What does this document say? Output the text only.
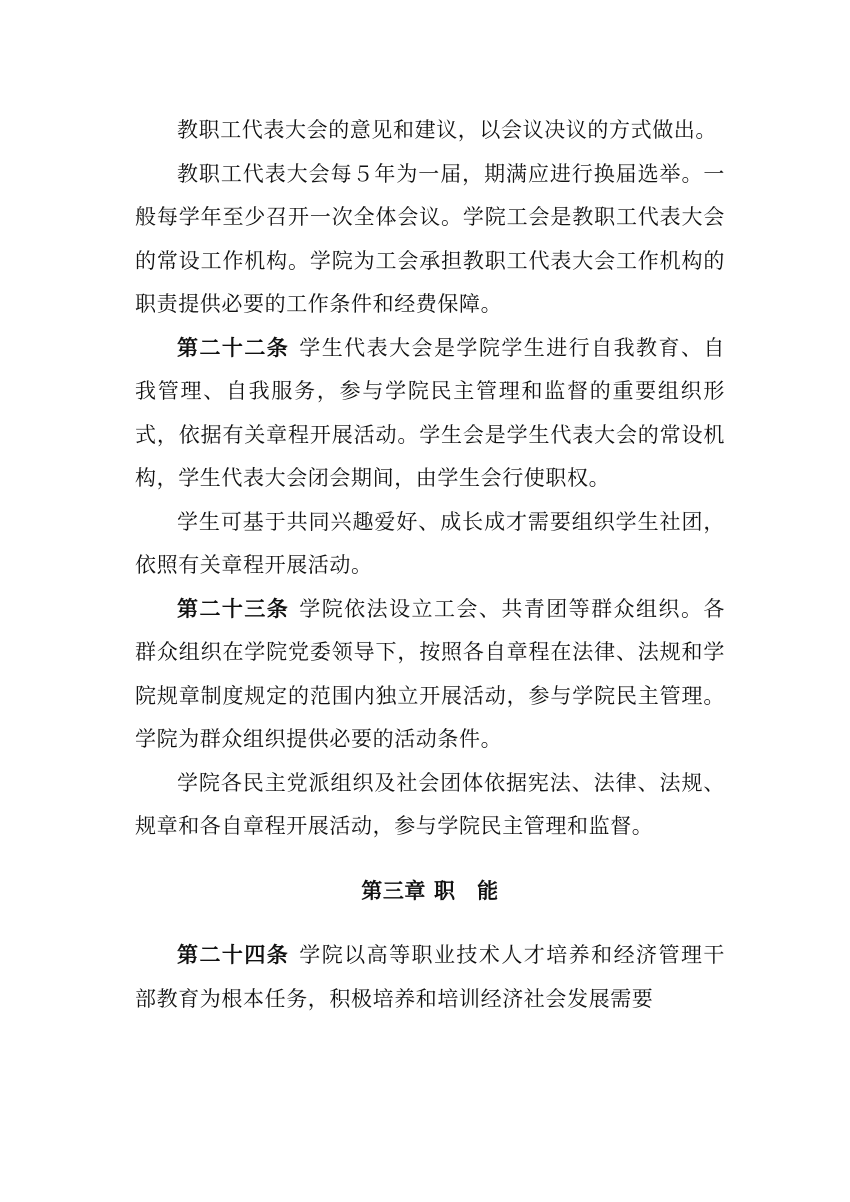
教职工代表大会的意见和建议，以会议决议的方式做出。

教职工代表大会每５年为一届，期满应进行换届选举。一般每学年至少召开一次全体会议。学院工会是教职工代表大会的常设工作机构。学院为工会承担教职工代表大会工作机构的职责提供必要的工作条件和经费保障。

第二十二条 学生代表大会是学院学生进行自我教育、自我管理、自我服务，参与学院民主管理和监督的重要组织形式，依据有关章程开展活动。学生会是学生代表大会的常设机构，学生代表大会闭会期间，由学生会行使职权。

学生可基于共同兴趣爱好、成长成才需要组织学生社团，依照有关章程开展活动。

第二十三条 学院依法设立工会、共青团等群众组织。各群众组织在学院党委领导下，按照各自章程在法律、法规和学院规章制度规定的范围内独立开展活动，参与学院民主管理。学院为群众组织提供必要的活动条件。

学院各民主党派组织及社会团体依据宪法、法律、法规、规章和各自章程开展活动，参与学院民主管理和监督。

第三章 职　能

第二十四条 学院以高等职业技术人才培养和经济管理干部教育为根本任务，积极培养和培训经济社会发展需要
